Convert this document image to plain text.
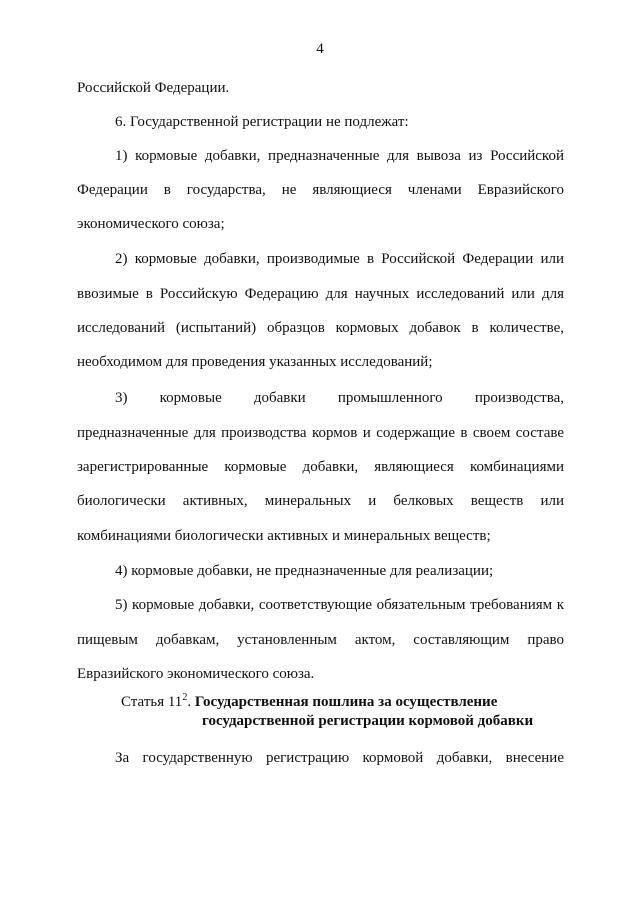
4
Российской Федерации.
6. Государственной регистрации не подлежат:
1) кормовые добавки, предназначенные для вывоза из Российской
Федерации в государства, не являющиеся членами Евразийского
экономического союза;
2) кормовые добавки, производимые в Российской Федерации или
ввозимые в Российскую Федерацию для научных исследований или для
исследований (испытаний) образцов кормовых добавок в количестве,
необходимом для проведения указанных исследований;
3) кормовые добавки промышленного производства,
предназначенные для производства кормов и содержащие в своем составе
зарегистрированные кормовые добавки, являющиеся комбинациями
биологически активных, минеральных и белковых веществ или
комбинациями биологически активных и минеральных веществ;
4) кормовые добавки, не предназначенные для реализации;
5) кормовые добавки, соответствующие обязательным требованиям к
пищевым добавкам, установленным актом, составляющим право
Евразийского экономического союза.
Статья $11^2$. Государственная пошлина за осуществление
государственной регистрации кормовой добавки
За государственную регистрацию кормовой добавки, внесение
